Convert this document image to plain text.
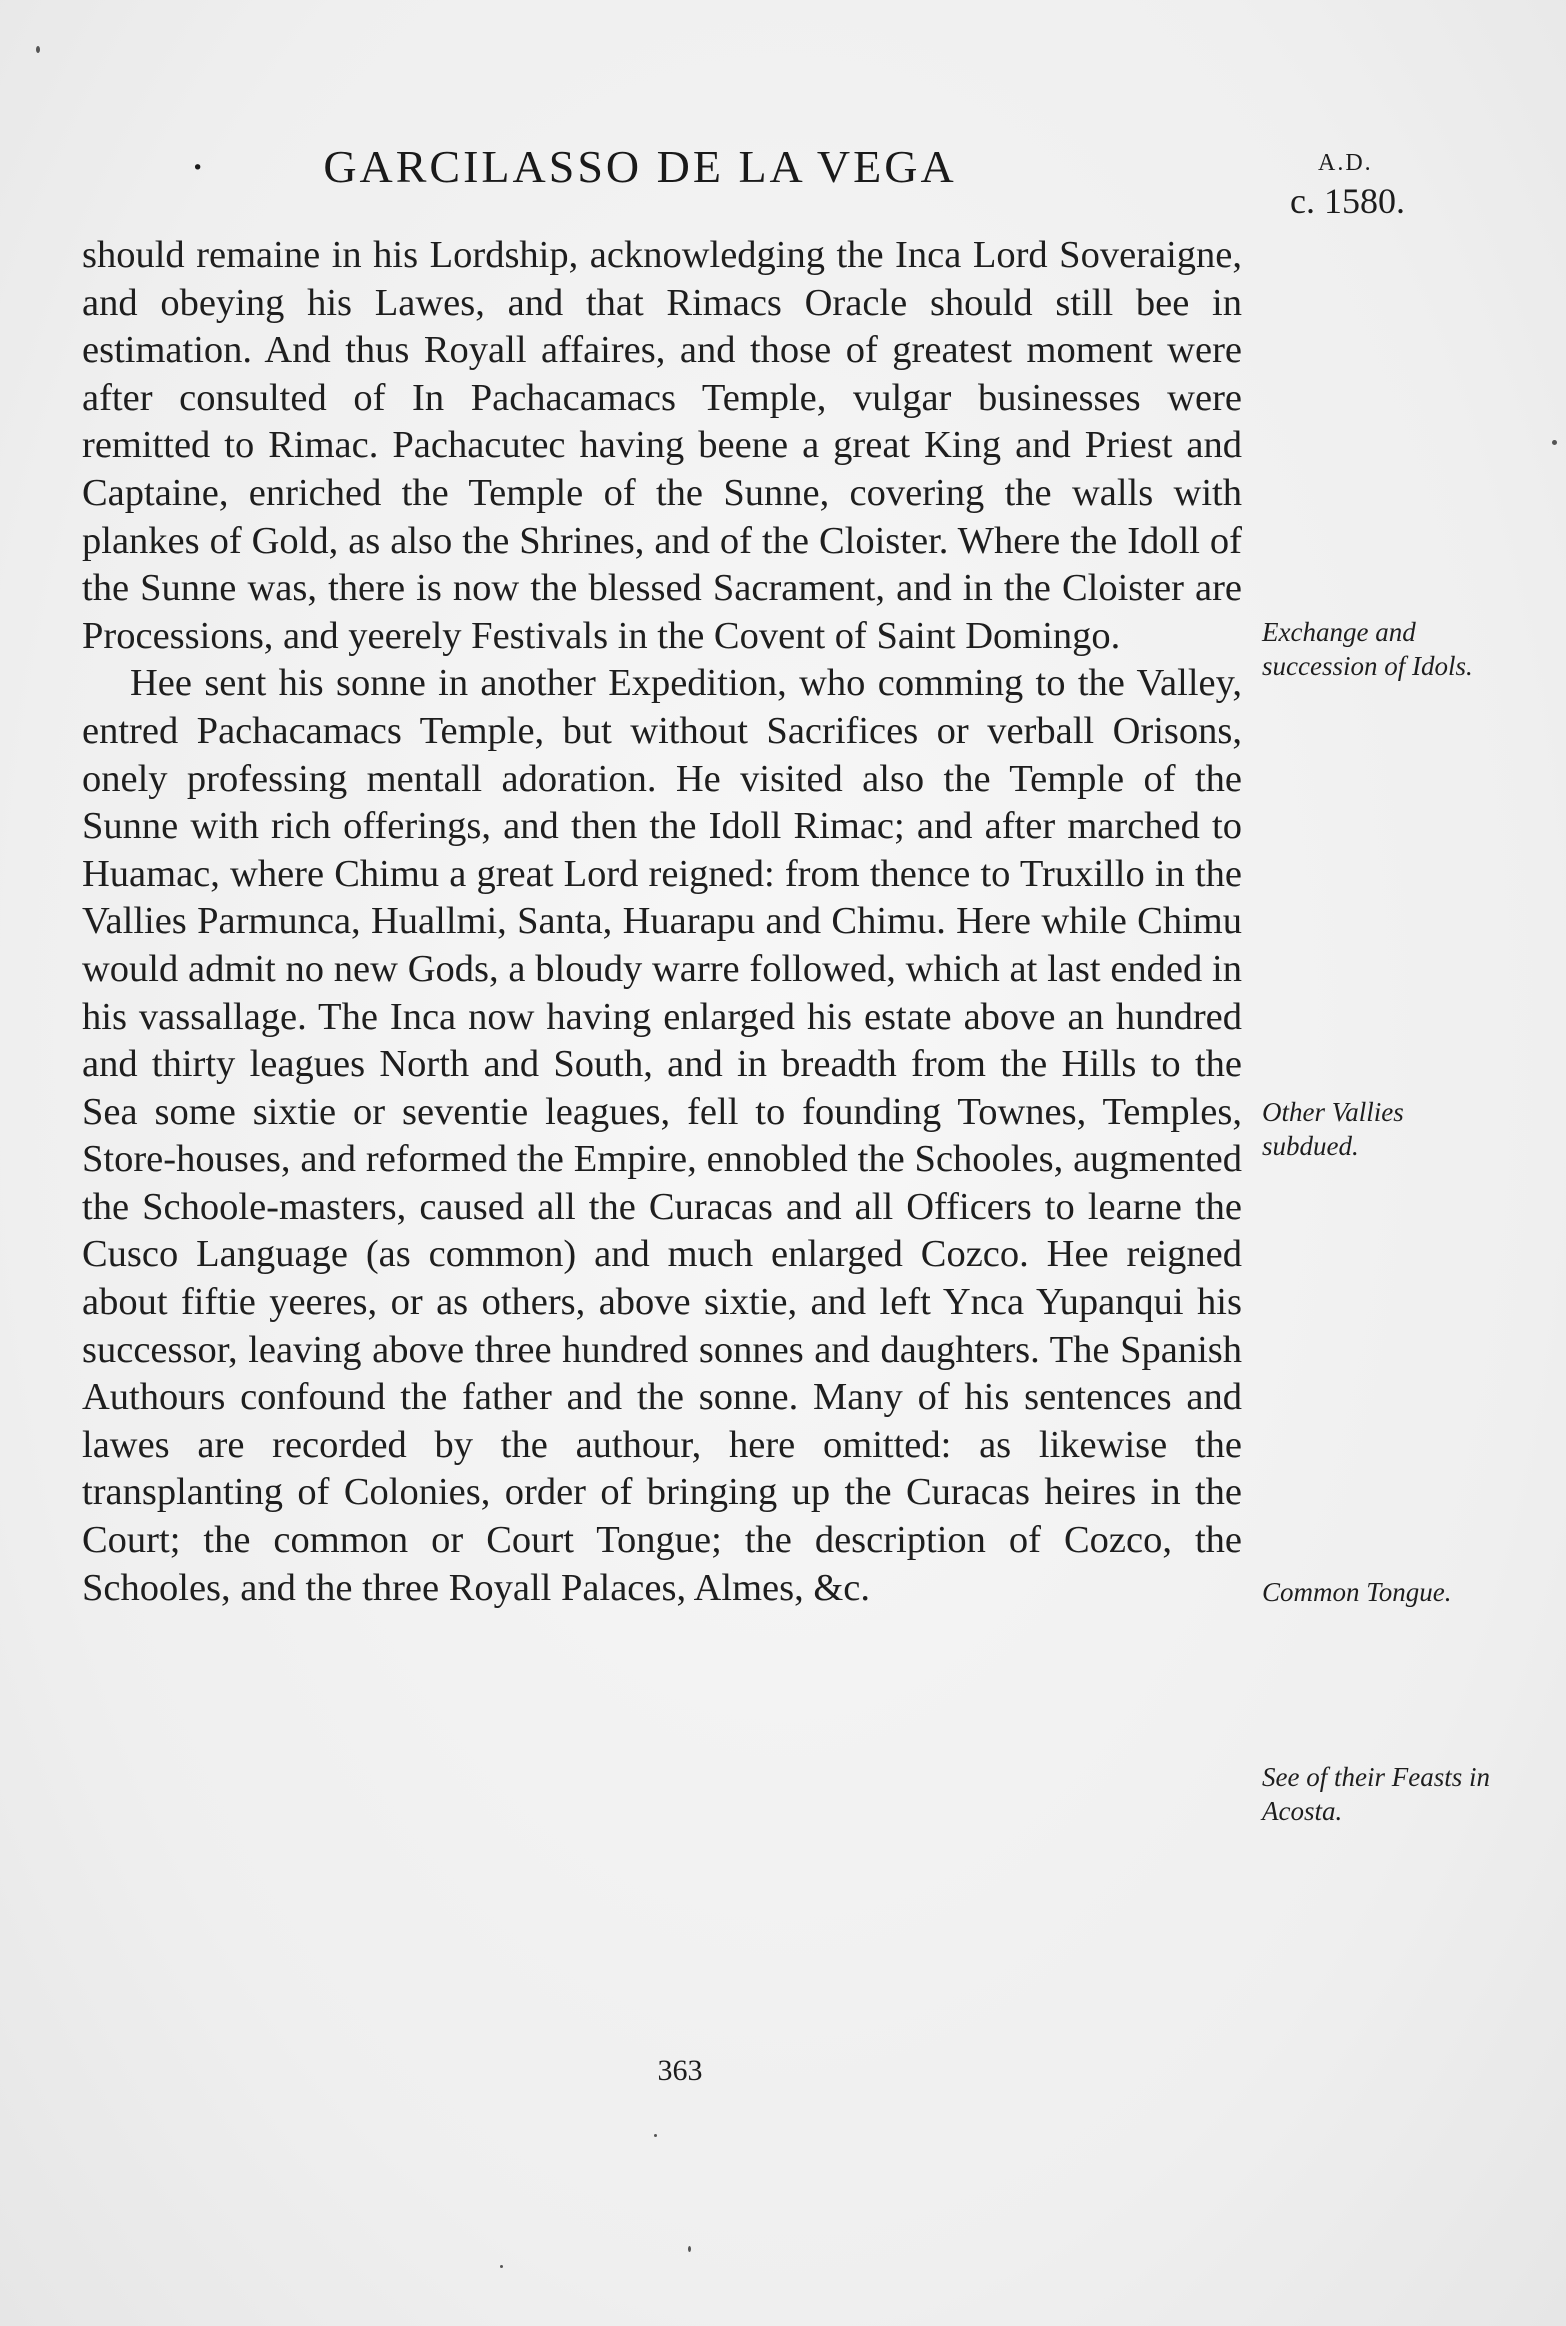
· GARCILASSO DE LA VEGA	A.D.
c. 1580.

should remaine in his Lordship, acknowledging the Inca Lord Soveraigne, and obeying his Lawes, and that Rimacs Oracle should still bee in estimation. And thus Royall affaires, and those of greatest moment were after consulted of In Pachacamacs Temple, vulgar businesses were remitted to Rimac. Pachacutec having beene a great King and Priest and Captaine, enriched the Temple of the Sunne, covering the walls with plankes of Gold, as also the Shrines, and of the Cloister. Where the Idoll of the Sunne was, there is now the blessed Sacrament, and in the Cloister are Processions, and yeerely Festivals in the Covent of Saint Domingo.

Hee sent his sonne in another Expedition, who comming to the Valley, entred Pachacamacs Temple, but without Sacrifices or verball Orisons, onely professing mentall adoration. He visited also the Temple of the Sunne with rich offerings, and then the Idoll Rimac; and after marched to Huamac, where Chimu a great Lord reigned: from thence to Truxillo in the Vallies Parmunca, Huallmi, Santa, Huarapu and Chimu. Here while Chimu would admit no new Gods, a bloudy warre followed, which at last ended in his vassallage. The Inca now having enlarged his estate above an hundred and thirty leagues North and South, and in breadth from the Hills to the Sea some sixtie or seventie leagues, fell to founding Townes, Temples, Store-houses, and reformed the Empire, ennobled the Schooles, augmented the Schoole-masters, caused all the Curacas and all Officers to learne the Cusco Language (as common) and much enlarged Cozco. Hee reigned about fiftie yeeres, or as others, above sixtie, and left Ynca Yupanqui his successor, leaving above three hundred sonnes and daughters. The Spanish Authours confound the father and the sonne. Many of his sentences and lawes are recorded by the authour, here omitted: as likewise the transplanting of Colonies, order of bringing up the Curacas heires in the Court; the common or Court Tongue; the description of Cozco, the Schooles, and the three Royall Palaces, Almes, &c.

Exchange and succession of Idols.
Other Vallies subdued.
Common Tongue.
See of their Feasts in Acosta.
363
